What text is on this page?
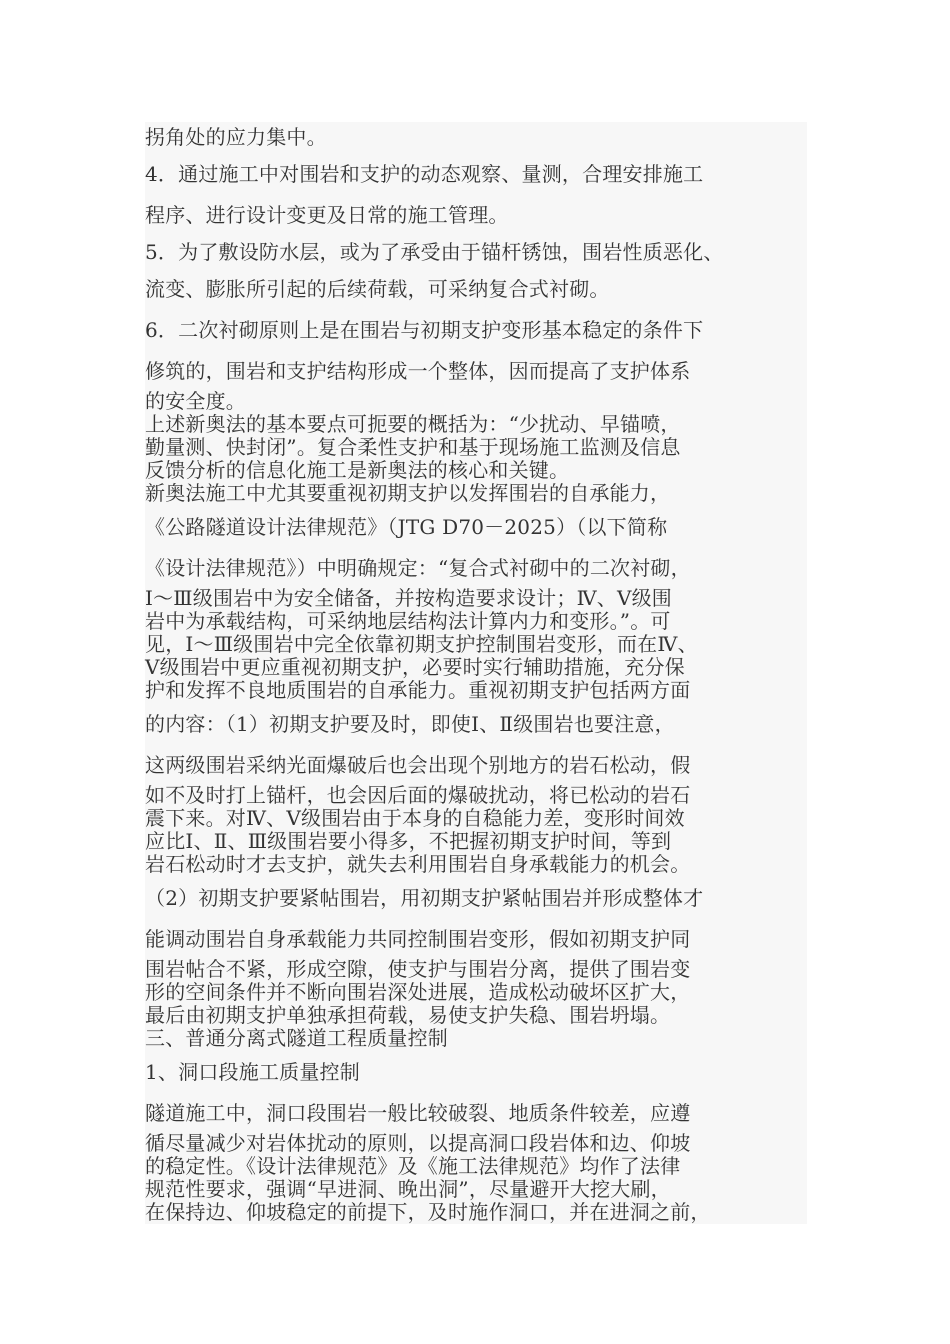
拐角处的应力集中。
4．通过施工中对围岩和支护的动态观察、量测，合理安排施工
程序、进行设计变更及日常的施工管理。
5．为了敷设防水层，或为了承受由于锚杆锈蚀，围岩性质恶化、
流变、膨胀所引起的后续荷载，可采纳复合式衬砌。
6．二次衬砌原则上是在围岩与初期支护变形基本稳定的条件下
修筑的，围岩和支护结构形成一个整体，因而提高了支护体系
的安全度。
上述新奥法的基本要点可扼要的概括为：“少扰动、早锚喷，
勤量测、快封闭”。复合柔性支护和基于现场施工监测及信息
反馈分析的信息化施工是新奥法的核心和关键。
新奥法施工中尤其要重视初期支护以发挥围岩的自承能力，
《公路隧道设计法律规范》（JTG D70－2025）（以下简称
《设计法律规范》）中明确规定：“复合式衬砌中的二次衬砌，
Ⅰ～Ⅲ级围岩中为安全储备，并按构造要求设计；Ⅳ、Ⅴ级围
岩中为承载结构，可采纳地层结构法计算内力和变形。”。可
见，Ⅰ～Ⅲ级围岩中完全依靠初期支护控制围岩变形，而在Ⅳ、
Ⅴ级围岩中更应重视初期支护，必要时实行辅助措施，充分保
护和发挥不良地质围岩的自承能力。重视初期支护包括两方面
的内容：（1）初期支护要及时，即使Ⅰ、Ⅱ级围岩也要注意，
这两级围岩采纳光面爆破后也会出现个别地方的岩石松动，假
如不及时打上锚杆，也会因后面的爆破扰动，将已松动的岩石
震下来。对Ⅳ、Ⅴ级围岩由于本身的自稳能力差，变形时间效
应比Ⅰ、Ⅱ、Ⅲ级围岩要小得多，不把握初期支护时间，等到
岩石松动时才去支护，就失去利用围岩自身承载能力的机会。
（2）初期支护要紧帖围岩，用初期支护紧帖围岩并形成整体才
能调动围岩自身承载能力共同控制围岩变形，假如初期支护同
围岩帖合不紧，形成空隙，使支护与围岩分离，提供了围岩变
形的空间条件并不断向围岩深处进展，造成松动破坏区扩大，
最后由初期支护单独承担荷载，易使支护失稳、围岩坍塌。
三、普通分离式隧道工程质量控制
1、洞口段施工质量控制
隧道施工中，洞口段围岩一般比较破裂、地质条件较差，应遵
循尽量减少对岩体扰动的原则，以提高洞口段岩体和边、仰坡
的稳定性。《设计法律规范》及《施工法律规范》均作了法律
规范性要求，强调“早进洞、晚出洞”，尽量避开大挖大刷，
在保持边、仰坡稳定的前提下，及时施作洞口，并在进洞之前，
